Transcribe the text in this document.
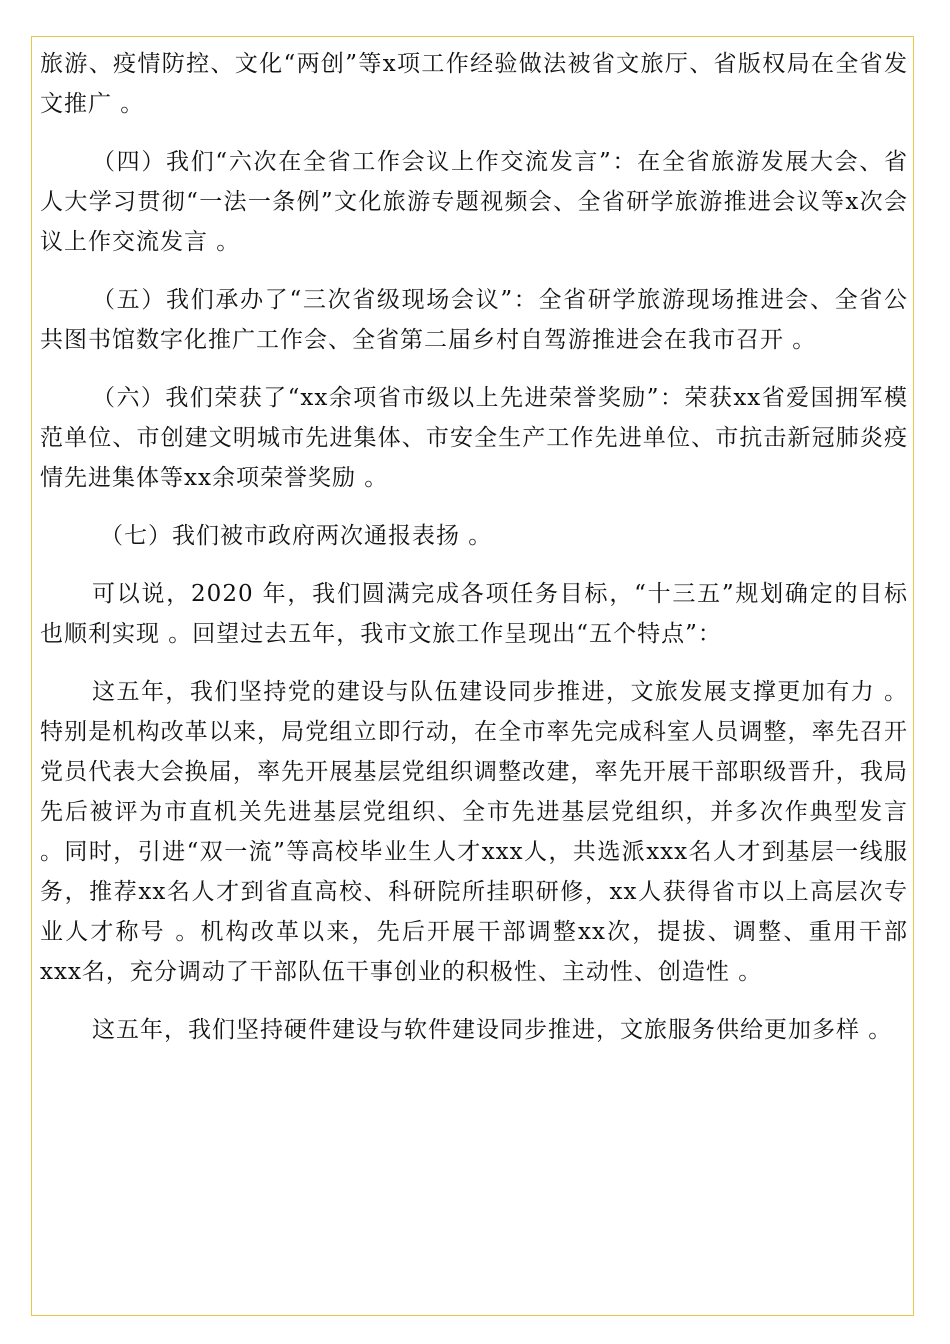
旅游、疫情防控、文化“两创”等x项工作经验做法被省文旅厅、省版权局在全省发文推广 。

（四）我们“六次在全省工作会议上作交流发言”：在全省旅游发展大会、省人大学习贯彻“一法一条例”文化旅游专题视频会、全省研学旅游推进会议等x次会议上作交流发言 。

（五）我们承办了“三次省级现场会议”：全省研学旅游现场推进会、全省公共图书馆数字化推广工作会、全省第二届乡村自驾游推进会在我市召开 。

（六）我们荣获了“xx余项省市级以上先进荣誉奖励”：荣获xx省爱国拥军模范单位、市创建文明城市先进集体、市安全生产工作先进单位、市抗击新冠肺炎疫情先进集体等xx余项荣誉奖励 。

（七）我们被市政府两次通报表扬 。

可以说，2020 年，我们圆满完成各项任务目标，“十三五”规划确定的目标也顺利实现 。回望过去五年，我市文旅工作呈现出“五个特点”：

这五年，我们坚持党的建设与队伍建设同步推进，文旅发展支撑更加有力 。特别是机构改革以来，局党组立即行动，在全市率先完成科室人员调整，率先召开党员代表大会换届，率先开展基层党组织调整改建，率先开展干部职级晋升，我局先后被评为市直机关先进基层党组织、全市先进基层党组织，并多次作典型发言 。同时，引进“双一流”等高校毕业生人才xxx人，共选派xxx名人才到基层一线服务，推荐xx名人才到省直高校、科研院所挂职研修，xx人获得省市以上高层次专业人才称号 。机构改革以来，先后开展干部调整xx次，提拔、调整、重用干部xxx名，充分调动了干部队伍干事创业的积极性、主动性、创造性 。

这五年，我们坚持硬件建设与软件建设同步推进，文旅服务供给更加多样 。
